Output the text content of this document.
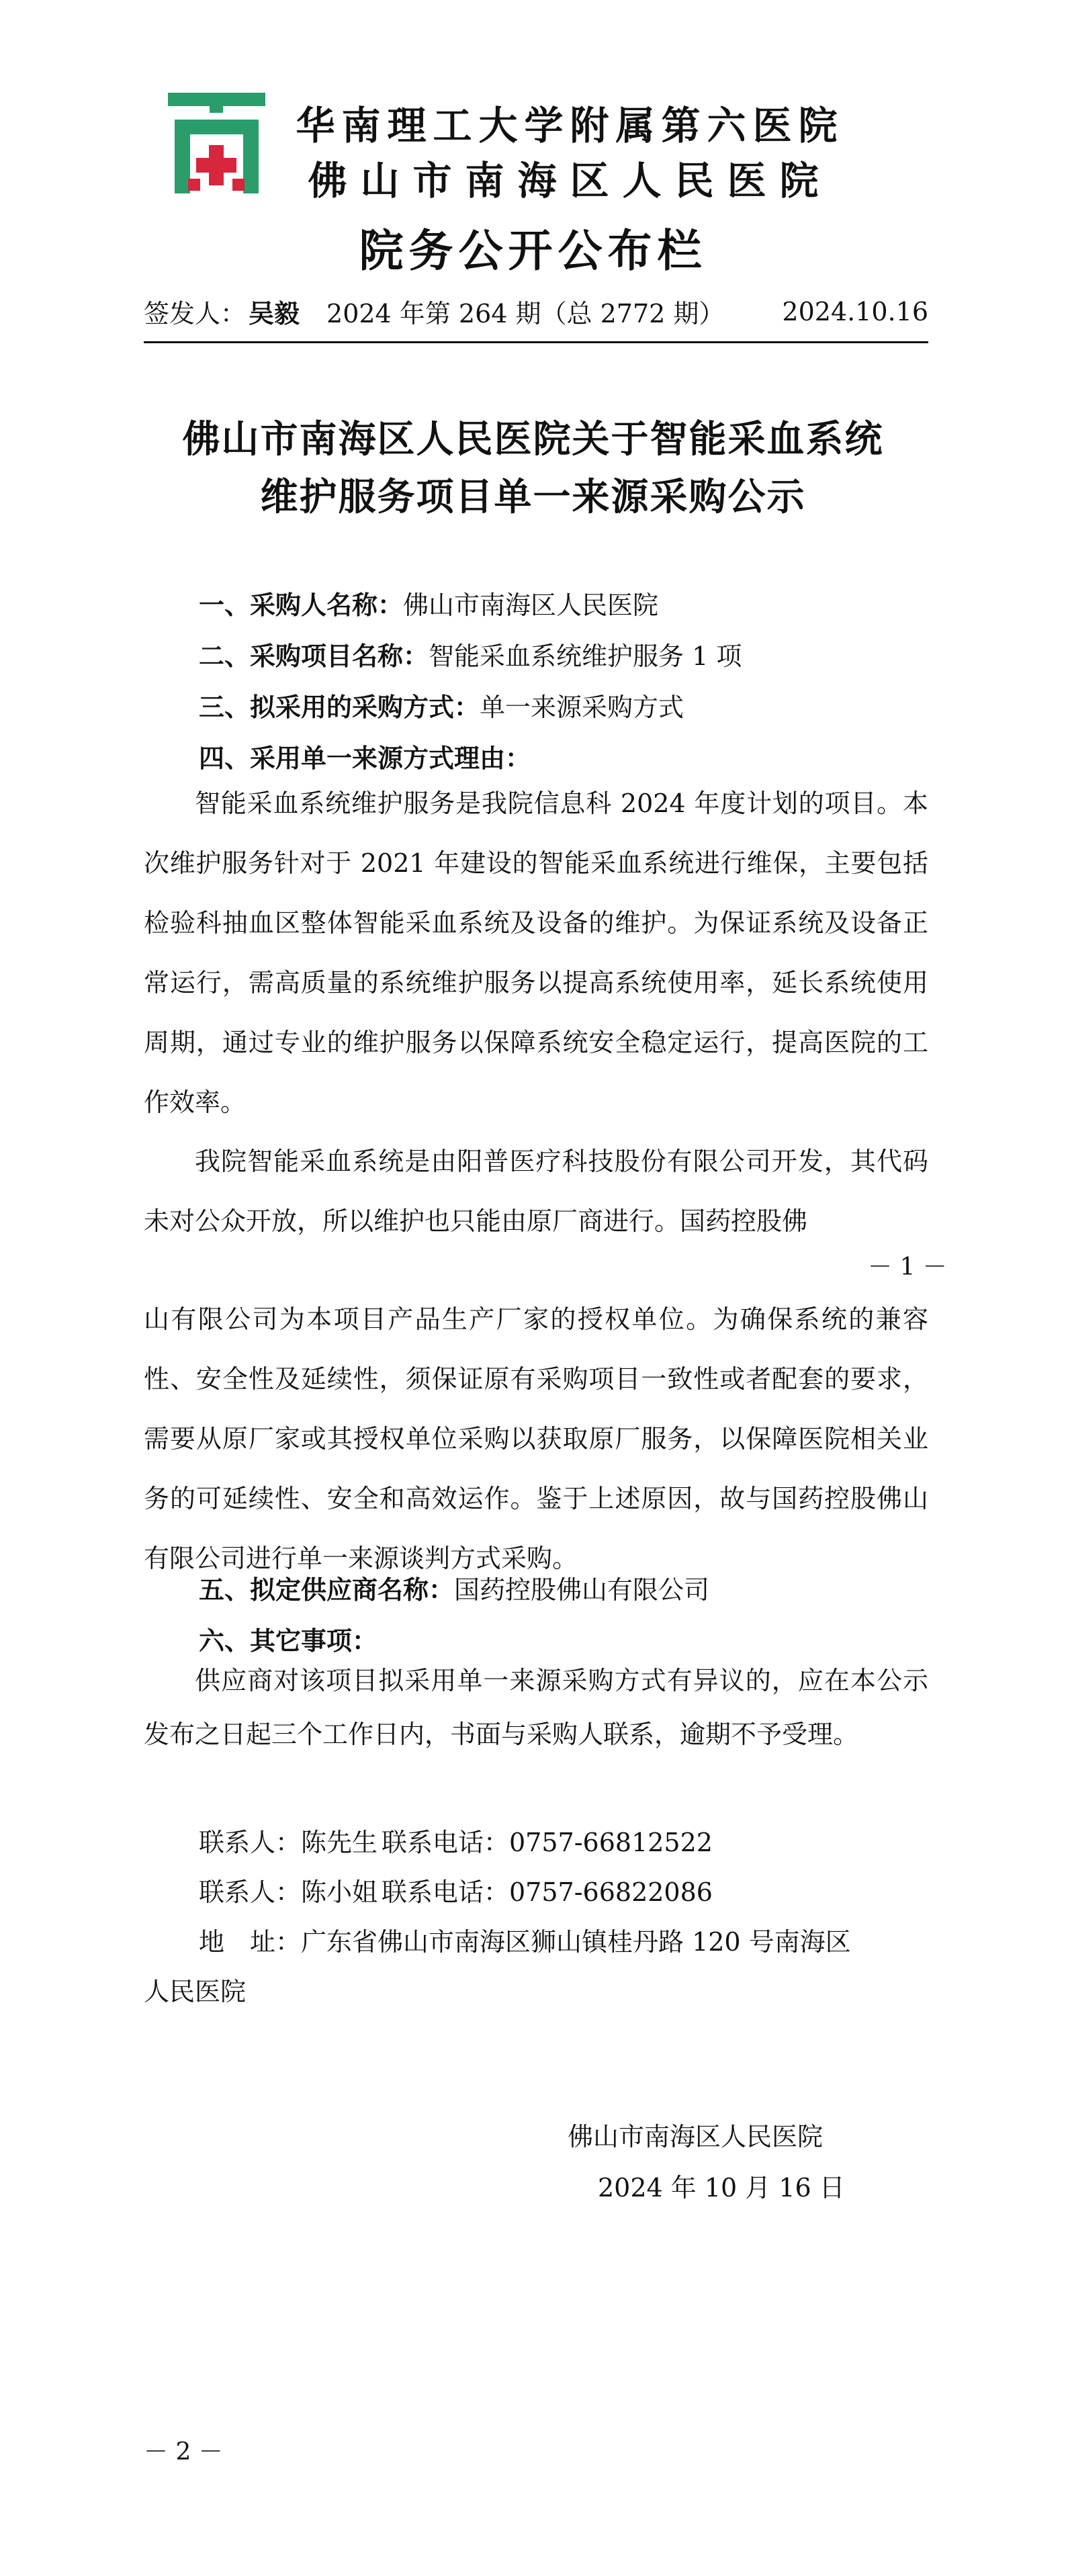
华南理工大学附属第六医院
佛山市南海区人民医院
院务公开公布栏
签发人： 吴毅 2024 年第 264 期（总 2772 期） 2024.10.16
佛山市南海区人民医院关于智能采血系统
维护服务项目单一来源采购公示
一、采购人名称：佛山市南海区人民医院
二、采购项目名称：智能采血系统维护服务 1 项
三、拟采用的采购方式：单一来源采购方式
四、采用单一来源方式理由：

智能采血系统维护服务是我院信息科 2024 年度计划的项目。本次维护服务针对于 2021 年建设的智能采血系统进行维保，主要包括检验科抽血区整体智能采血系统及设备的维护。为保证系统及设备正常运行，需高质量的系统维护服务以提高系统使用率，延长系统使用周期，通过专业的维护服务以保障系统安全稳定运行，提高医院的工作效率。

我院智能采血系统是由阳普医疗科技股份有限公司开发，其代码未对公众开放，所以维护也只能由原厂商进行。国药控股佛

－ 1 －

山有限公司为本项目产品生产厂家的授权单位。为确保系统的兼容性、安全性及延续性，须保证原有采购项目一致性或者配套的要求，需要从原厂家或其授权单位采购以获取原厂服务，以保障医院相关业务的可延续性、安全和高效运作。鉴于上述原因，故与国药控股佛山有限公司进行单一来源谈判方式采购。

五、拟定供应商名称：国药控股佛山有限公司
六、其它事项：

供应商对该项目拟采用单一来源采购方式有异议的，应在本公示发布之日起三个工作日内，书面与采购人联系，逾期不予受理。

联系人：陈先生 联系电话：0757-66812522
联系人：陈小姐 联系电话：0757-66822086
地　址：广东省佛山市南海区狮山镇桂丹路 120 号南海区
人民医院
佛山市南海区人民医院
2024 年 10 月 16 日
－ 2 －
